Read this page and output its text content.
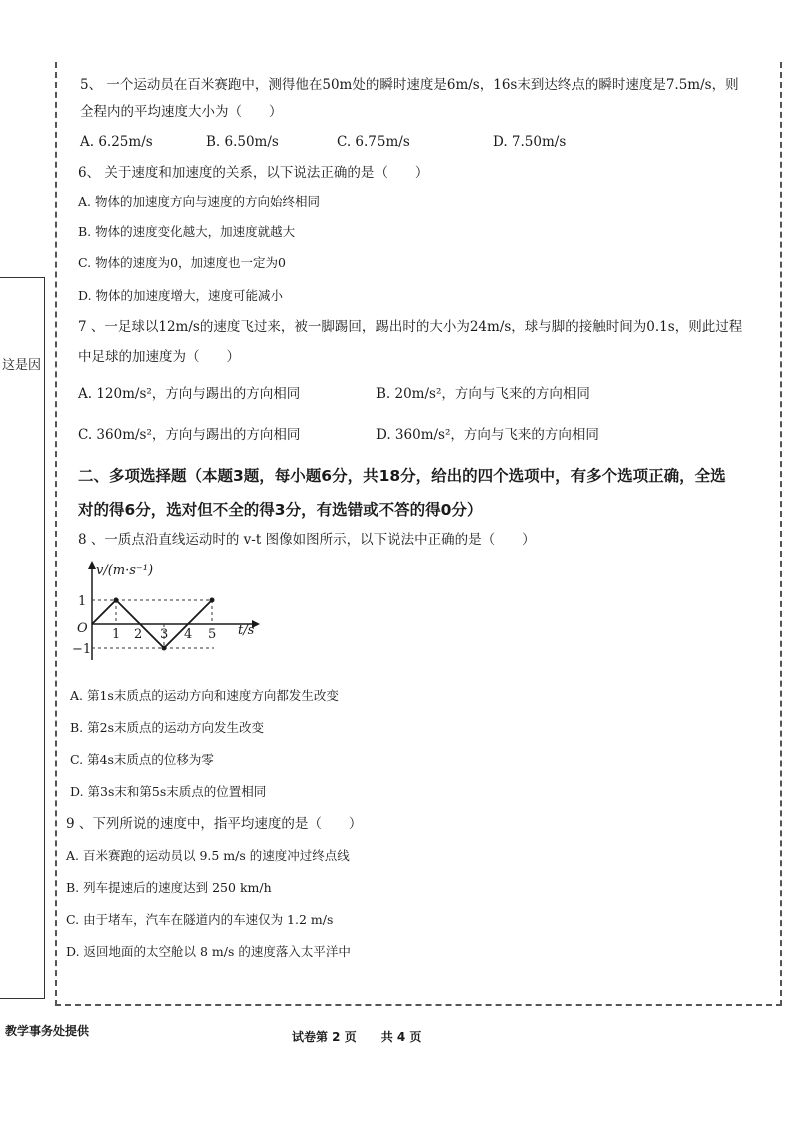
这是因
5、 一个运动员在百米赛跑中，测得他在50m处的瞬时速度是6m/s，16s末到达终点的瞬时速度是7.5m/s，则
全程内的平均速度大小为（　　）
A. 6.25m/s	B. 6.50m/s	C. 6.75m/s	D. 7.50m/s
6、 关于速度和加速度的关系，以下说法正确的是（　　）
A. 物体的加速度方向与速度的方向始终相同
B. 物体的速度变化越大，加速度就越大
C. 物体的速度为0，加速度也一定为0
D. 物体的加速度增大，速度可能减小
7 、一足球以12m/s的速度飞过来，被一脚踢回，踢出时的大小为24m/s，球与脚的接触时间为0.1s，则此过程
中足球的加速度为（　　）
A. 120m/s²，方向与踢出的方向相同	B. 20m/s²，方向与飞来的方向相同
C. 360m/s²，方向与踢出的方向相同	D. 360m/s²，方向与飞来的方向相同
二、多项选择题（本题3题，每小题6分，共18分，给出的四个选项中，有多个选项正确，全选
对的得6分，选对但不全的得3分，有选错或不答的得0分）
8 、一质点沿直线运动时的 v-t 图像如图所示，以下说法中正确的是（　　）
v/(m·s⁻¹)
t/s
O
1
−1
1 2 3 4 5
A. 第1s末质点的运动方向和速度方向都发生改变
B. 第2s末质点的运动方向发生改变
C. 第4s末质点的位移为零
D. 第3s末和第5s末质点的位置相同
9 、下列所说的速度中，指平均速度的是（　　）
A. 百米赛跑的运动员以 9.5 m/s 的速度冲过终点线
B. 列车提速后的速度达到 250 km/h
C. 由于堵车，汽车在隧道内的车速仅为 1.2 m/s
D. 返回地面的太空舱以 8 m/s 的速度落入太平洋中
教学事务处提供	试卷第 2 页　　共 4 页
